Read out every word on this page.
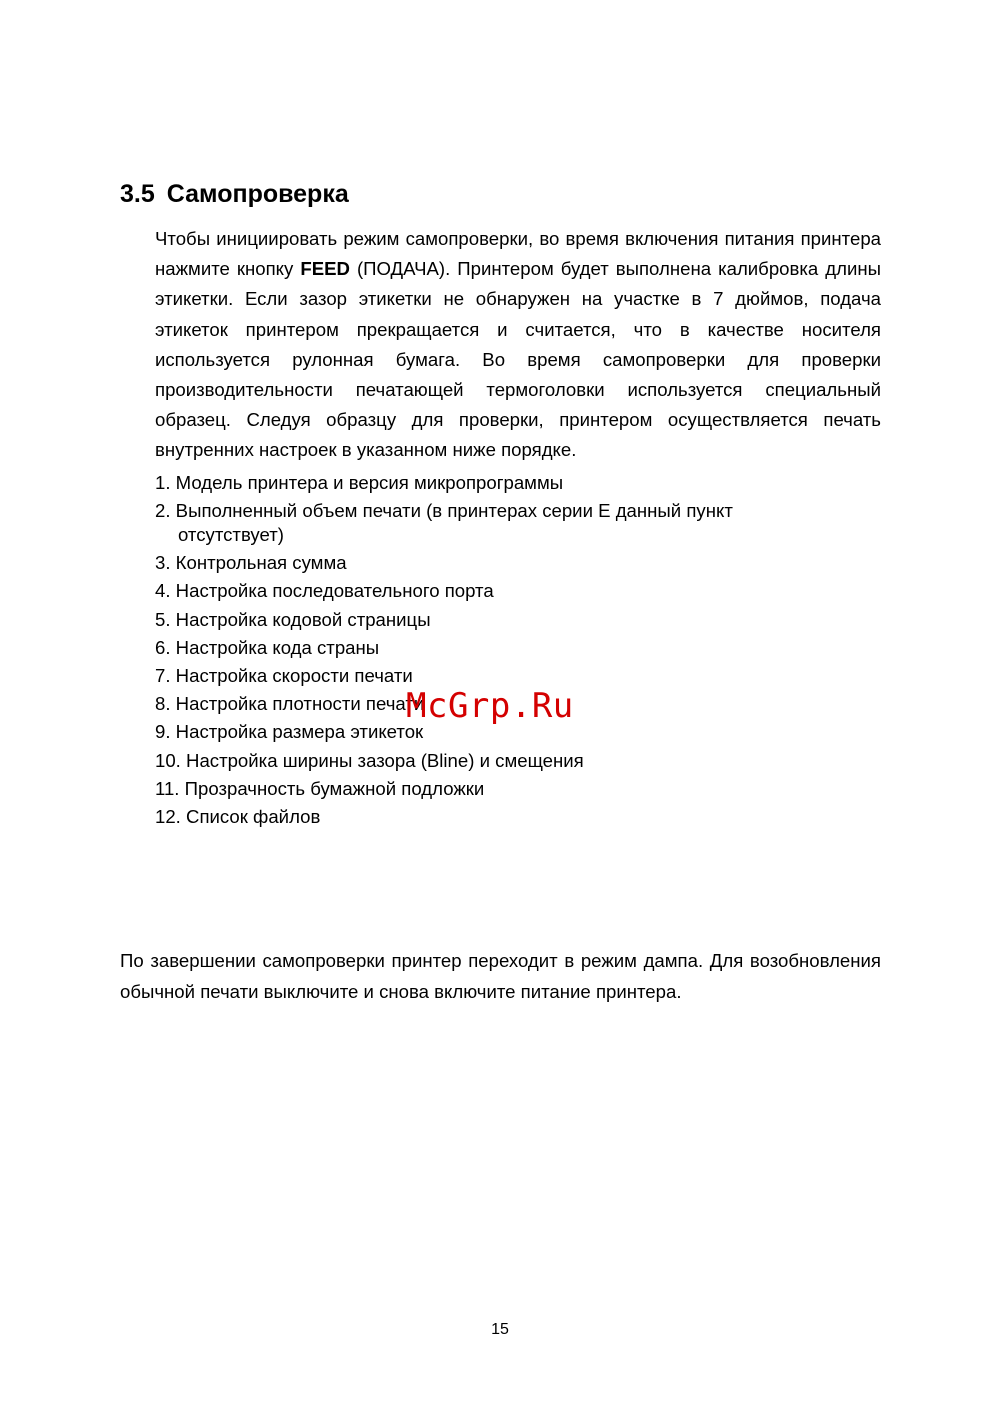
3.5 Самопроверка

Чтобы инициировать режим самопроверки, во время включения питания принтера нажмите кнопку FEED (ПОДАЧА). Принтером будет выполнена калибровка длины этикетки. Если зазор этикетки не обнаружен на участке в 7 дюймов, подача этикеток принтером прекращается и считается, что в качестве носителя используется рулонная бумага. Во время самопроверки для проверки производительности печатающей термоголовки используется специальный образец. Следуя образцу для проверки, принтером осуществляется печать внутренних настроек в указанном ниже порядке.

1. Модель принтера и версия микропрограммы
2. Выполненный объем печати (в принтерах серии E данный пункт
отсутствует)
3. Контрольная сумма
4. Настройка последовательного порта
5. Настройка кодовой страницы
6. Настройка кода страны
7. Настройка скорости печати
8. Настройка плотности печати
9. Настройка размера этикеток
10. Настройка ширины зазора (Bline) и смещения
11. Прозрачность бумажной подложки
12. Список файлов
McGrp.Ru

По завершении самопроверки принтер переходит в режим дампа. Для возобновления обычной печати выключите и снова включите питание принтера.

15
